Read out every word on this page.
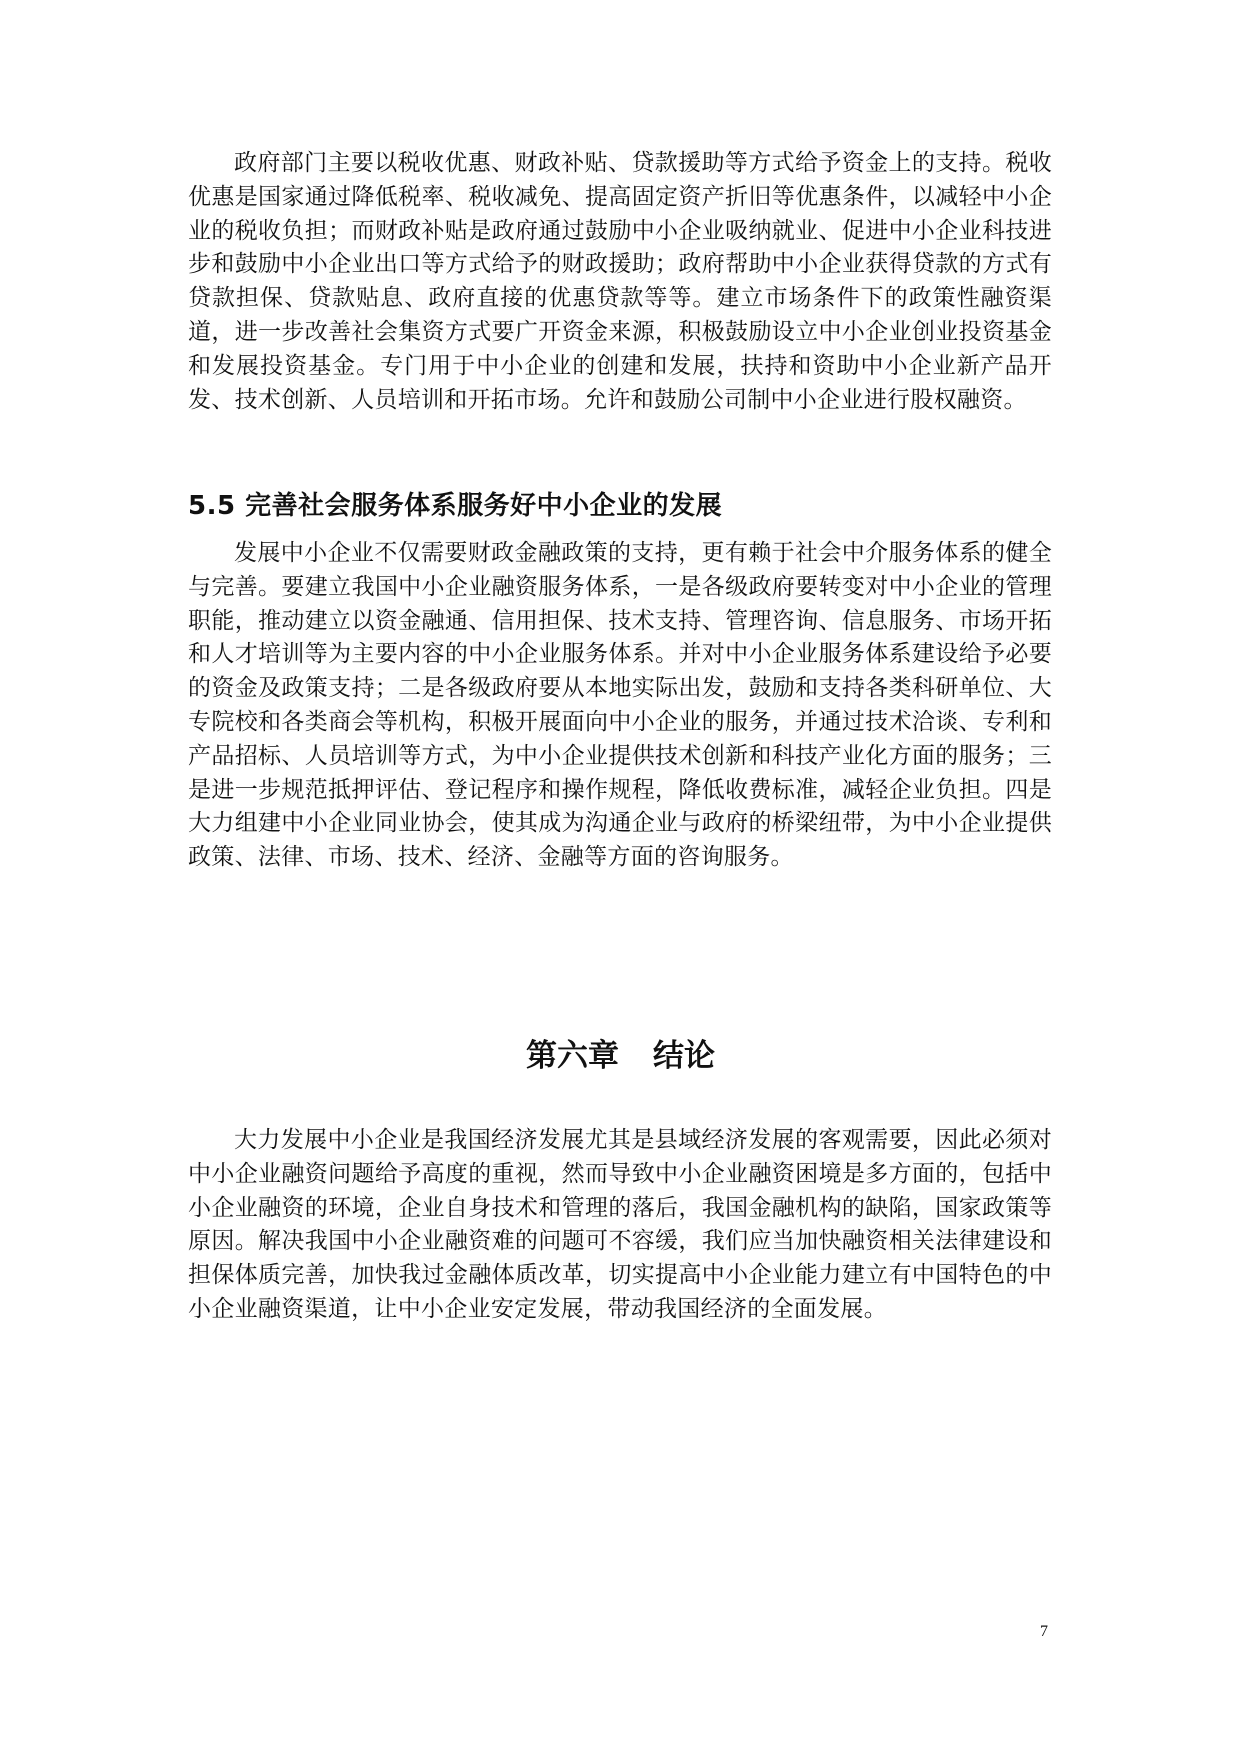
政府部门主要以税收优惠、财政补贴、贷款援助等方式给予资金上的支持。税收优惠是国家通过降低税率、税收减免、提高固定资产折旧等优惠条件，以减轻中小企业的税收负担；而财政补贴是政府通过鼓励中小企业吸纳就业、促进中小企业科技进步和鼓励中小企业出口等方式给予的财政援助；政府帮助中小企业获得贷款的方式有贷款担保、贷款贴息、政府直接的优惠贷款等等。建立市场条件下的政策性融资渠道，进一步改善社会集资方式要广开资金来源，积极鼓励设立中小企业创业投资基金和发展投资基金。专门用于中小企业的创建和发展，扶持和资助中小企业新产品开发、技术创新、人员培训和开拓市场。允许和鼓励公司制中小企业进行股权融资。

5.5 完善社会服务体系服务好中小企业的发展

发展中小企业不仅需要财政金融政策的支持，更有赖于社会中介服务体系的健全与完善。要建立我国中小企业融资服务体系，一是各级政府要转变对中小企业的管理职能，推动建立以资金融通、信用担保、技术支持、管理咨询、信息服务、市场开拓和人才培训等为主要内容的中小企业服务体系。并对中小企业服务体系建设给予必要的资金及政策支持；二是各级政府要从本地实际出发，鼓励和支持各类科研单位、大专院校和各类商会等机构，积极开展面向中小企业的服务，并通过技术洽谈、专利和产品招标、人员培训等方式，为中小企业提供技术创新和科技产业化方面的服务；三是进一步规范抵押评估、登记程序和操作规程，降低收费标准，减轻企业负担。四是大力组建中小企业同业协会，使其成为沟通企业与政府的桥梁纽带，为中小企业提供政策、法律、市场、技术、经济、金融等方面的咨询服务。

第六章 结论

大力发展中小企业是我国经济发展尤其是县域经济发展的客观需要，因此必须对中小企业融资问题给予高度的重视，然而导致中小企业融资困境是多方面的，包括中小企业融资的环境，企业自身技术和管理的落后，我国金融机构的缺陷，国家政策等原因。解决我国中小企业融资难的问题可不容缓，我们应当加快融资相关法律建设和担保体质完善，加快我过金融体质改革，切实提高中小企业能力建立有中国特色的中小企业融资渠道，让中小企业安定发展，带动我国经济的全面发展。

7
